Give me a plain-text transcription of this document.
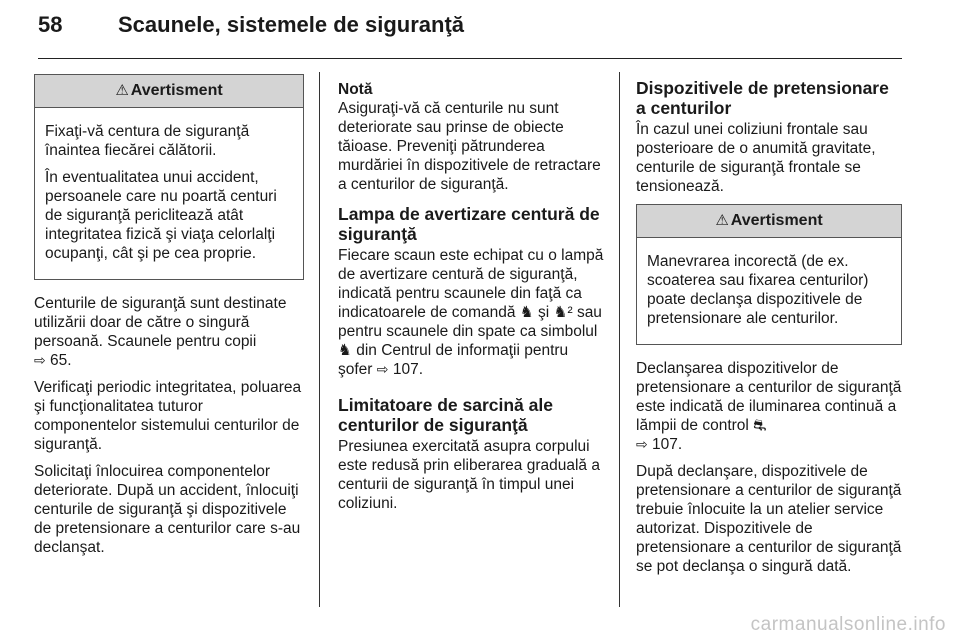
58	Scaunele, sistemele de siguranţă
⚠ Avertisment

Fixaţi-vă centura de siguranţă înaintea fiecărei călătorii.

În eventualitatea unui accident, persoanele care nu poartă centuri de siguranţă periclitează atât integritatea fizică şi viaţa celorlalţi ocupanţi, cât şi pe cea proprie.

Centurile de siguranţă sunt destinate utilizării doar de către o singură persoană. Scaunele pentru copii
⇨ 65.

Verificaţi periodic integritatea, poluarea şi funcţionalitatea tuturor componentelor sistemului centurilor de siguranţă.

Solicitaţi înlocuirea componentelor deteriorate. După un accident, înlocuiţi centurile de siguranţă şi dispozitivele de pretensionare a centurilor care s-au declanşat.

Notă
Asiguraţi-vă că centurile nu sunt deteriorate sau prinse de obiecte tăioase. Preveniţi pătrunderea murdăriei în dispozitivele de retractare a centurilor de siguranţă.

Lampa de avertizare centură de siguranţă

Fiecare scaun este echipat cu o lampă de avertizare centură de siguranţă, indicată pentru scaunele din faţă ca indicatoarele de comandă ♞ şi ♞² sau pentru scaunele din spate ca simbolul ♞ din Centrul de informaţii pentru şofer ⇨ 107.

Limitatoare de sarcină ale centurilor de siguranţă

Presiunea exercitată asupra corpului este redusă prin eliberarea graduală a centurii de siguranţă în timpul unei coliziuni.

Dispozitivele de pretensionare a centurilor

În cazul unei coliziuni frontale sau posterioare de o anumită gravitate, centurile de siguranţă frontale se tensionează.

⚠ Avertisment

Manevrarea incorectă (de ex. scoaterea sau fixarea centurilor) poate declanşa dispozitivele de pretensionare ale centurilor.

Declanşarea dispozitivelor de pretensionare a centurilor de siguranţă este indicată de iluminarea continuă a lămpii de control ⛐
⇨ 107.

După declanşare, dispozitivele de pretensionare a centurilor de siguranţă trebuie înlocuite la un atelier service autorizat. Dispozitivele de pretensionare a centurilor de siguranţă se pot declanşa o singură dată.

carmanualsonline.info
